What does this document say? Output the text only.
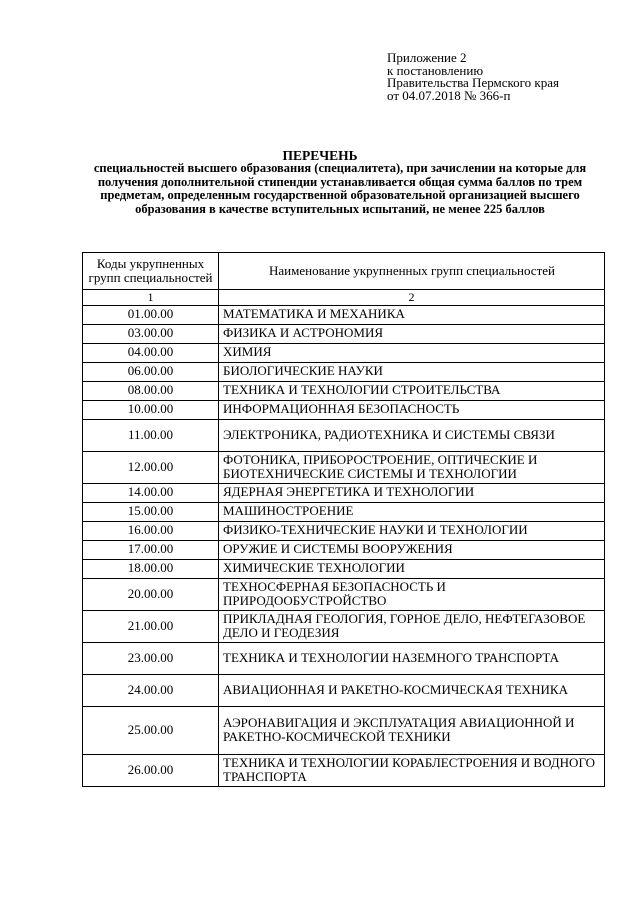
Приложение 2
к постановлению
Правительства Пермского края
от 04.07.2018 № 366-п
ПЕРЕЧЕНЬ
специальностей высшего образования (специалитета), при зачислении на которые для получения дополнительной стипендии устанавливается общая сумма баллов по трем предметам, определенным государственной образовательной организацией высшего образования в качестве вступительных испытаний, не менее 225 баллов
Коды укрупненных групп специальностей	Наименование укрупненных групп специальностей
1	2
01.00.00	МАТЕМАТИКА И МЕХАНИКА
03.00.00	ФИЗИКА И АСТРОНОМИЯ
04.00.00	ХИМИЯ
06.00.00	БИОЛОГИЧЕСКИЕ НАУКИ
08.00.00	ТЕХНИКА И ТЕХНОЛОГИИ СТРОИТЕЛЬСТВА
10.00.00	ИНФОРМАЦИОННАЯ БЕЗОПАСНОСТЬ
11.00.00	ЭЛЕКТРОНИКА, РАДИОТЕХНИКА И СИСТЕМЫ СВЯЗИ
12.00.00	ФОТОНИКА, ПРИБОРОСТРОЕНИЕ, ОПТИЧЕСКИЕ И БИОТЕХНИЧЕСКИЕ СИСТЕМЫ И ТЕХНОЛОГИИ
14.00.00	ЯДЕРНАЯ ЭНЕРГЕТИКА И ТЕХНОЛОГИИ
15.00.00	МАШИНОСТРОЕНИЕ
16.00.00	ФИЗИКО-ТЕХНИЧЕСКИЕ НАУКИ И ТЕХНОЛОГИИ
17.00.00	ОРУЖИЕ И СИСТЕМЫ ВООРУЖЕНИЯ
18.00.00	ХИМИЧЕСКИЕ ТЕХНОЛОГИИ
20.00.00	ТЕХНОСФЕРНАЯ БЕЗОПАСНОСТЬ И ПРИРОДООБУСТРОЙСТВО
21.00.00	ПРИКЛАДНАЯ ГЕОЛОГИЯ, ГОРНОЕ ДЕЛО, НЕФТЕГАЗОВОЕ ДЕЛО И ГЕОДЕЗИЯ
23.00.00	ТЕХНИКА И ТЕХНОЛОГИИ НАЗЕМНОГО ТРАНСПОРТА
24.00.00	АВИАЦИОННАЯ И РАКЕТНО-КОСМИЧЕСКАЯ ТЕХНИКА
25.00.00	АЭРОНАВИГАЦИЯ И ЭКСПЛУАТАЦИЯ АВИАЦИОННОЙ И РАКЕТНО-КОСМИЧЕСКОЙ ТЕХНИКИ
26.00.00	ТЕХНИКА И ТЕХНОЛОГИИ КОРАБЛЕСТРОЕНИЯ И ВОДНОГО ТРАНСПОРТА
